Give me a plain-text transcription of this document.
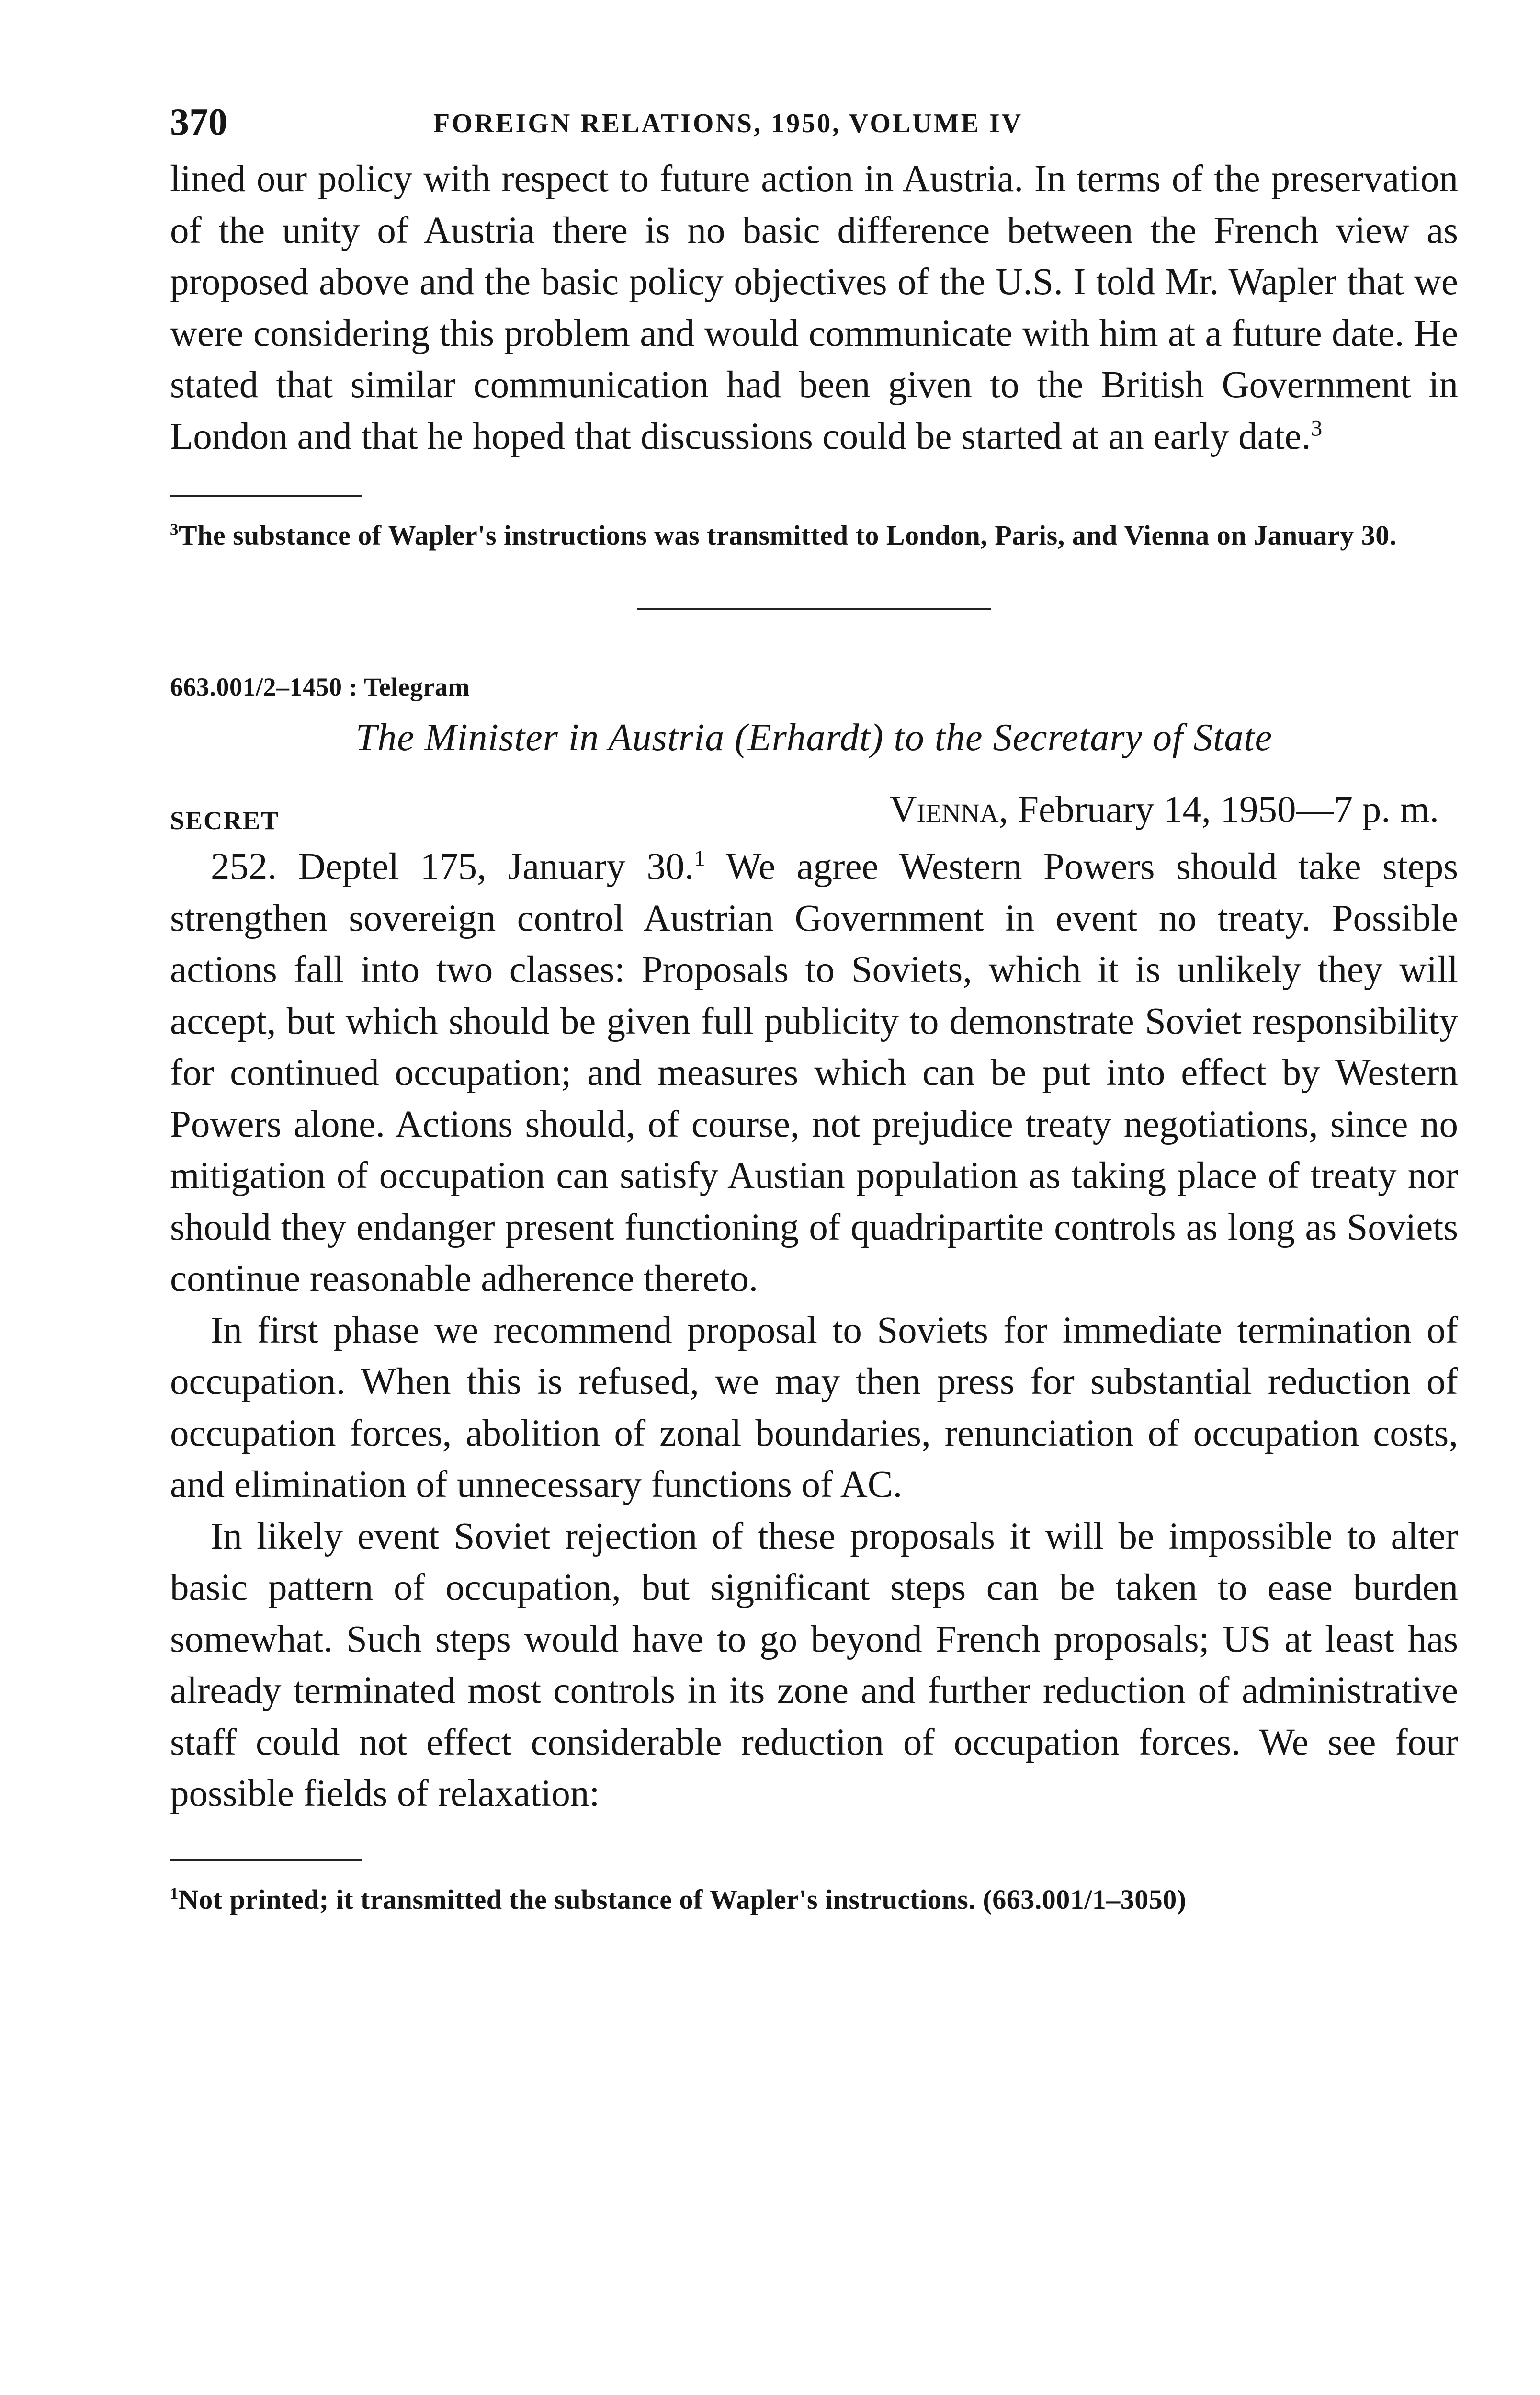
370	FOREIGN RELATIONS, 1950, VOLUME IV

lined our policy with respect to future action in Austria. In terms of the preservation of the unity of Austria there is no basic difference between the French view as proposed above and the basic policy objectives of the U.S. I told Mr. Wapler that we were considering this problem and would communicate with him at a future date. He stated that similar communication had been given to the British Government in London and that he hoped that discussions could be started at an early date.$^3$

$^3$The substance of Wapler's instructions was transmitted to London, Paris, and Vienna on January 30.

663.001/2–1450 : Telegram

The Minister in Austria (Erhardt) to the Secretary of State

SECRET	Vienna, February 14, 1950—7 p. m.

252. Deptel 175, January 30.$^1$ We agree Western Powers should take steps strengthen sovereign control Austrian Government in event no treaty. Possible actions fall into two classes: Proposals to Soviets, which it is unlikely they will accept, but which should be given full publicity to demonstrate Soviet responsibility for continued occupation; and measures which can be put into effect by Western Powers alone. Actions should, of course, not prejudice treaty negotiations, since no mitigation of occupation can satisfy Austian population as taking place of treaty nor should they endanger present functioning of quadripartite controls as long as Soviets continue reasonable adherence thereto.

In first phase we recommend proposal to Soviets for immediate termination of occupation. When this is refused, we may then press for substantial reduction of occupation forces, abolition of zonal boundaries, renunciation of occupation costs, and elimination of unnecessary functions of AC.

In likely event Soviet rejection of these proposals it will be impossible to alter basic pattern of occupation, but significant steps can be taken to ease burden somewhat. Such steps would have to go beyond French proposals; US at least has already terminated most controls in its zone and further reduction of administrative staff could not effect considerable reduction of occupation forces. We see four possible fields of relaxation:

$^1$Not printed; it transmitted the substance of Wapler's instructions. (663.001/1–3050)
